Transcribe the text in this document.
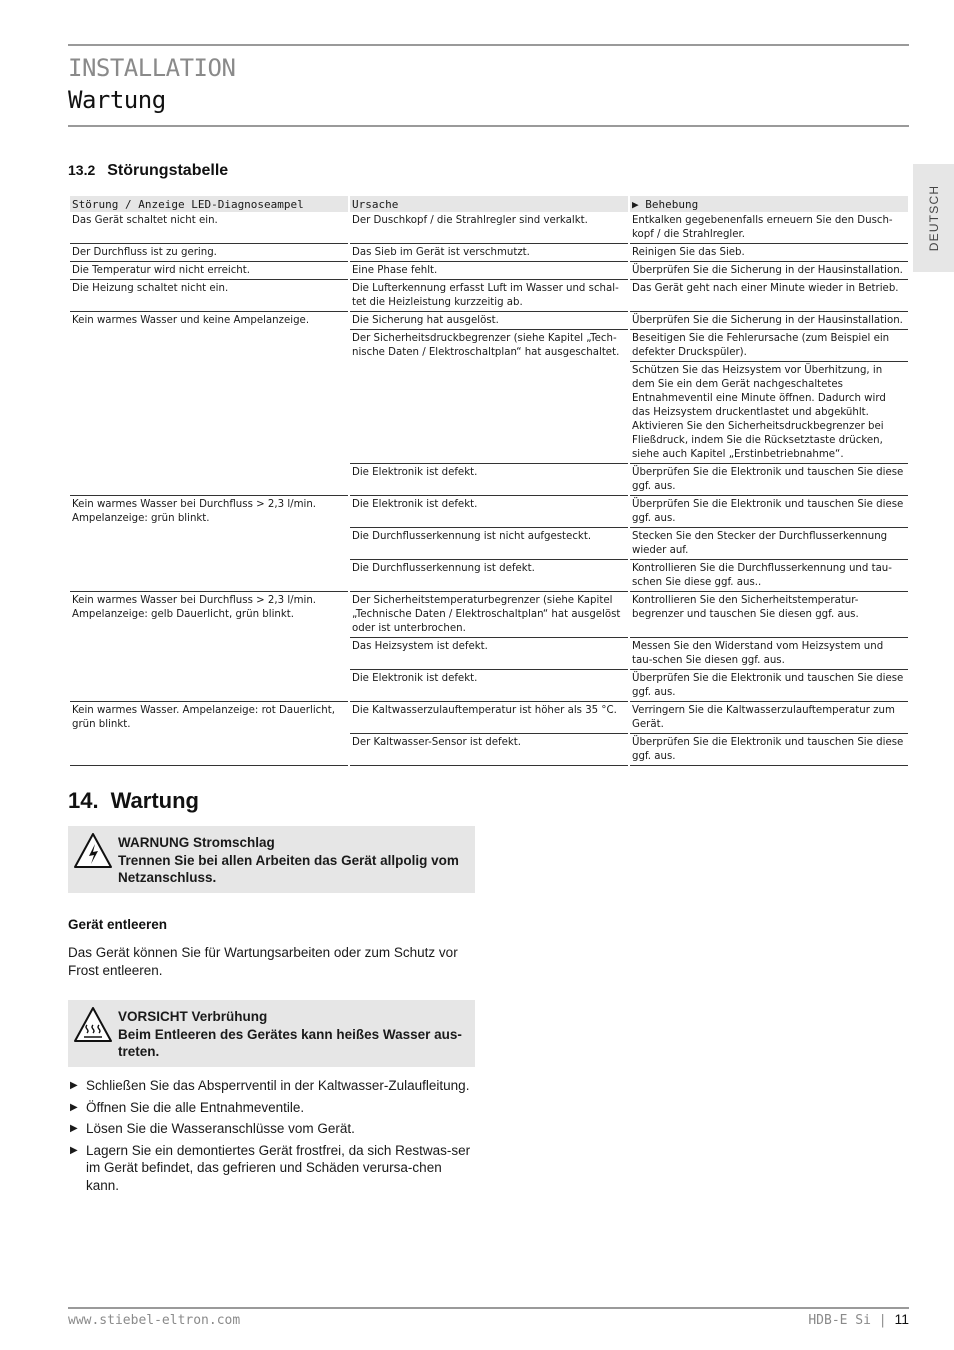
INSTALLATION
Wartung
DEUTSCH
13.2 Störungstabelle
Störung / Anzeige LED-Diagnoseampel	Ursache	▶ Behebung
Das Gerät schaltet nicht ein.	Der Duschkopf / die Strahlregler sind verkalkt.	Entkalken gegebenenfalls erneuern Sie den Dusch-kopf / die Strahlregler.
Der Durchfluss ist zu gering.	Das Sieb im Gerät ist verschmutzt.	Reinigen Sie das Sieb.
Die Temperatur wird nicht erreicht.	Eine Phase fehlt.	Überprüfen Sie die Sicherung in der Hausinstallation.
Die Heizung schaltet nicht ein.	Die Lufterkennung erfasst Luft im Wasser und schal-tet die Heizleistung kurzzeitig ab.	Das Gerät geht nach einer Minute wieder in Betrieb.
Kein warmes Wasser und keine Ampelanzeige.	Die Sicherung hat ausgelöst.	Überprüfen Sie die Sicherung in der Hausinstallation.
	Der Sicherheitsdruckbegrenzer (siehe Kapitel „Tech-nische Daten / Elektroschaltplan“ hat ausgeschaltet.	Beseitigen Sie die Fehlerursache (zum Beispiel ein defekter Druckspüler).
		Schützen Sie das Heizsystem vor Überhitzung, in dem Sie ein dem Gerät nachgeschaltetes Entnahmeventil eine Minute öffnen. Dadurch wird das Heizsystem druckentlastet und abgekühlt. Aktivieren Sie den Sicherheitsdruckbegrenzer bei Fließdruck, indem Sie die Rücksetztaste drücken, siehe auch Kapitel „Erstinbetriebnahme“.
	Die Elektronik ist defekt.	Überprüfen Sie die Elektronik und tauschen Sie diese ggf. aus.
Kein warmes Wasser bei Durchfluss > 2,3 l/min. Ampelanzeige: grün blinkt.	Die Elektronik ist defekt.	Überprüfen Sie die Elektronik und tauschen Sie diese ggf. aus.
	Die Durchflusserkennung ist nicht aufgesteckt.	Stecken Sie den Stecker der Durchflusserkennung wieder auf.
	Die Durchflusserkennung ist defekt.	Kontrollieren Sie die Durchflusserkennung und tau-schen Sie diese ggf. aus..
Kein warmes Wasser bei Durchfluss > 2,3 l/min. Ampelanzeige: gelb Dauerlicht, grün blinkt.	Der Sicherheitstemperaturbegrenzer (siehe Kapitel „Technische Daten / Elektroschaltplan“ hat ausgelöst oder ist unterbrochen.	Kontrollieren Sie den Sicherheitstemperatur-begrenzer und tauschen Sie diesen ggf. aus.
	Das Heizsystem ist defekt.	Messen Sie den Widerstand vom Heizsystem und tau-schen Sie diesen ggf. aus.
	Die Elektronik ist defekt.	Überprüfen Sie die Elektronik und tauschen Sie diese ggf. aus.
Kein warmes Wasser. Ampelanzeige: rot Dauerlicht, grün blinkt.	Die Kaltwasserzulauftemperatur ist höher als 35 °C.	Verringern Sie die Kaltwasserzulauftemperatur zum Gerät.
	Der Kaltwasser-Sensor ist defekt.	Überprüfen Sie die Elektronik und tauschen Sie diese ggf. aus.
14. Wartung
WARNUNG Stromschlag
Trennen Sie bei allen Arbeiten das Gerät allpolig vom Netzanschluss.
Gerät entleeren
Das Gerät können Sie für Wartungsarbeiten oder zum Schutz vor Frost entleeren.
VORSICHT Verbrühung
Beim Entleeren des Gerätes kann heißes Wasser aus-treten.
▶ Schließen Sie das Absperrventil in der Kaltwasser-Zulaufleitung.
▶ Öffnen Sie die alle Entnahmeventile.
▶ Lösen Sie die Wasseranschlüsse vom Gerät.
▶ Lagern Sie ein demontiertes Gerät frostfrei, da sich Restwas-ser im Gerät befindet, das gefrieren und Schäden verursa-chen kann.
www.stiebel-eltron.com	HDB-E Si | 11
